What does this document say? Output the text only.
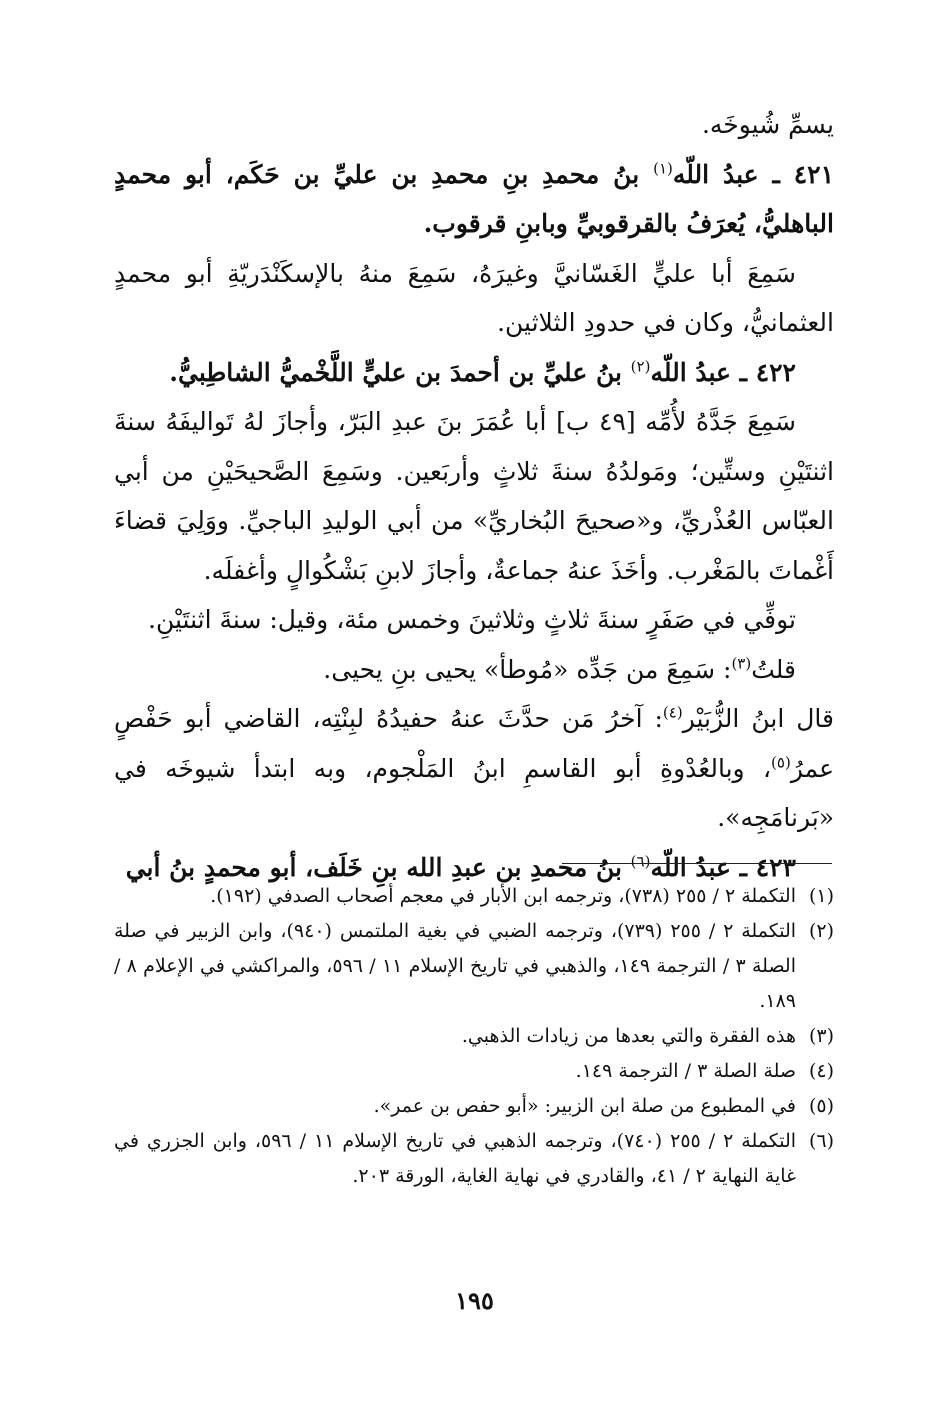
يسمِّ شُيوخَه.

٤٢١ ـ عبدُ اللّه$^{(١)}$ بنُ محمدِ بنِ محمدِ بن عليِّ بن حَكَم، أبو محمدٍ الباهليُّ، يُعرَفُ بالقرقوبيِّ وبابنِ قرقوب.

سَمِعَ أبا عليٍّ الغَسّانيَّ وغيرَهُ، سَمِعَ منهُ بالإسكَنْدَريّةِ أبو محمدٍ العثمانيُّ، وكان في حدودِ الثلاثين.

٤٢٢ ـ عبدُ اللّه$^{(٢)}$ بنُ عليِّ بن أحمدَ بن عليٍّ اللَّخْميُّ الشاطِبيُّ.

سَمِعَ جَدَّهُ لأُمِّه [٤٩ ب] أبا عُمَرَ بنَ عبدِ البَرّ، وأجازَ لهُ تَواليفَهُ سنةَ اثنتَيْنِ وستِّين؛ ومَولدُهُ سنةَ ثلاثٍ وأربَعين. وسَمِعَ الصَّحيحَيْنِ من أبي العبّاس العُذْريِّ، و«صحيحَ البُخاريِّ» من أبي الوليدِ الباجيِّ. ووَلِيَ قضاءَ أَغْماتَ بالمَغْرب. وأخَذَ عنهُ جماعةٌ، وأجازَ لابنِ بَشْكُوالٍ وأغفلَه.

توفِّي في صَفَرٍ سنةَ ثلاثٍ وثلاثينَ وخمس مئة، وقيل: سنةَ اثنتَيْنِ.

قلتُ$^{(٣)}$: سَمِعَ من جَدِّه «مُوطأ» يحيى بنِ يحيى.

قال ابنُ الزُّبَيْر$^{(٤)}$: آخرُ مَن حدَّثَ عنهُ حفيدُهُ لبِنْتِه، القاضي أبو حَفْصٍ عمرُ$^{(٥)}$، وبالعُدْوةِ أبو القاسمِ ابنُ المَلْجوم، وبه ابتدأ شيوخَه في «بَرنامَجِه».

٤٢٣ ـ عبدُ اللّه$^{(٦)}$ بنُ محمدِ بن عبدِ الله بنِ خَلَف، أبو محمدٍ بنُ أبي

(١)
التكملة ٢ / ٢٥٥ (٧٣٨)، وترجمه ابن الأبار في معجم أصحاب الصدفي (١٩٢).
(٢)
التكملة ٢ / ٢٥٥ (٧٣٩)، وترجمه الضبي في بغية الملتمس (٩٤٠)، وابن الزبير في صلة الصلة ٣ / الترجمة ١٤٩، والذهبي في تاريخ الإسلام ١١ / ٥٩٦، والمراكشي في الإعلام ٨ / ١٨٩.
(٣)
هذه الفقرة والتي بعدها من زيادات الذهبي.
(٤)
صلة الصلة ٣ / الترجمة ١٤٩.
(٥)
في المطبوع من صلة ابن الزبير: «أبو حفص بن عمر».
(٦)
التكملة ٢ / ٢٥٥ (٧٤٠)، وترجمه الذهبي في تاريخ الإسلام ١١ / ٥٩٦، وابن الجزري في غاية النهاية ٢ / ٤١، والقادري في نهاية الغاية، الورقة ٢٠٣.
١٩٥
